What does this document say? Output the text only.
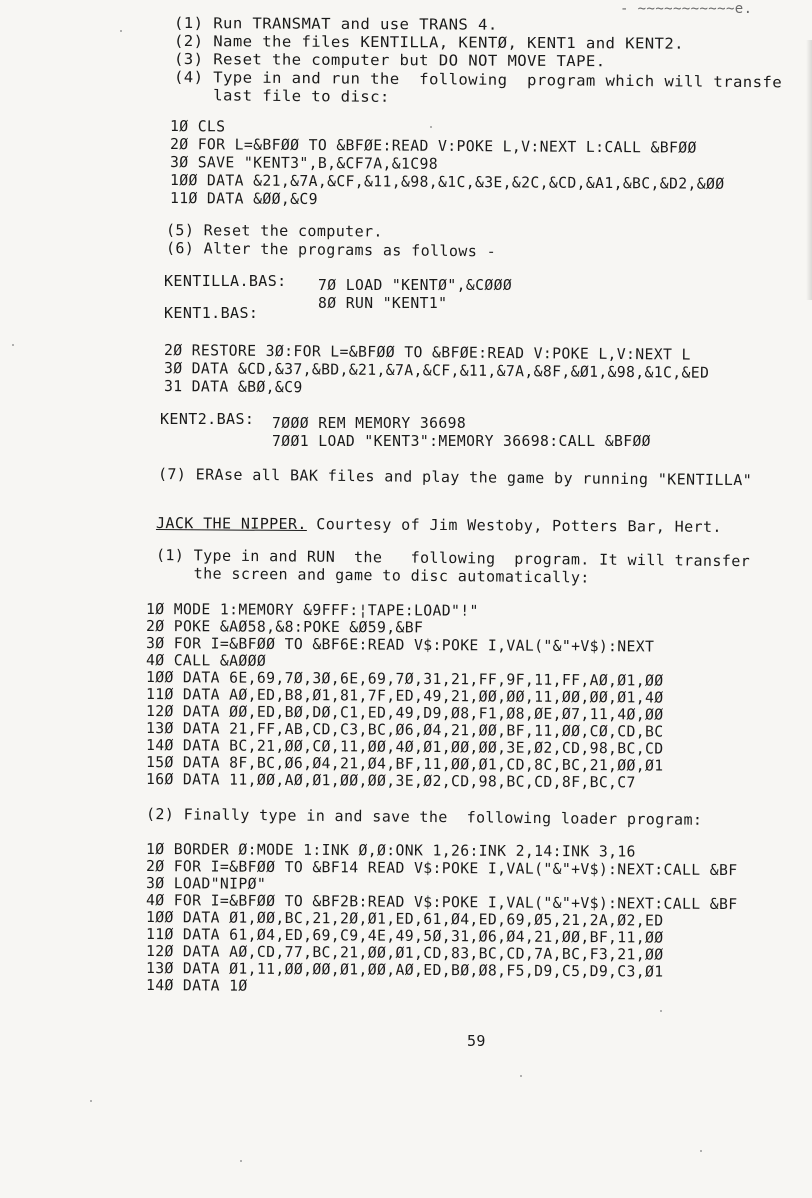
- ~~~~~~~~~~~e.
(1) Run TRANSMAT and use TRANS 4.
(2) Name the files KENTILLA, KENTØ, KENT1 and KENT2.
(3) Reset the computer but DO NOT MOVE TAPE.
(4) Type in and run the  following  program which will transfe
last file to disc:
1Ø CLS
2Ø FOR L=&BFØØ TO &BFØE:READ V:POKE L,V:NEXT L:CALL &BFØØ
3Ø SAVE "KENT3",B,&CF7A,&1C98
1ØØ DATA &21,&7A,&CF,&11,&98,&1C,&3E,&2C,&CD,&A1,&BC,&D2,&ØØ
11Ø DATA &ØØ,&C9
(5) Reset the computer.
(6) Alter the programs as follows -
KENTILLA.BAS: 7Ø LOAD "KENTØ",&CØØØ
8Ø RUN "KENT1"
KENT1.BAS:
2Ø RESTORE 3Ø:FOR L=&BFØØ TO &BFØE:READ V:POKE L,V:NEXT L
3Ø DATA &CD,&37,&BD,&21,&7A,&CF,&11,&7A,&8F,&Ø1,&98,&1C,&ED
31 DATA &BØ,&C9
KENT2.BAS: 7ØØØ REM MEMORY 36698
7ØØ1 LOAD "KENT3":MEMORY 36698:CALL &BFØØ
(7) ERAse all BAK files and play the game by running "KENTILLA"
JACK THE NIPPER. Courtesy of Jim Westoby, Potters Bar, Hert.
(1) Type in and RUN  the   following  program. It will transfer
the screen and game to disc automatically:
1Ø MODE 1:MEMORY &9FFF:¦TAPE:LOAD"!"
2Ø POKE &AØ58,&8:POKE &Ø59,&BF
3Ø FOR I=&BFØØ TO &BF6E:READ V$:POKE I,VAL("&"+V$):NEXT
4Ø CALL &AØØØ
1ØØ DATA 6E,69,7Ø,3Ø,6E,69,7Ø,31,21,FF,9F,11,FF,AØ,Ø1,ØØ
11Ø DATA AØ,ED,B8,Ø1,81,7F,ED,49,21,ØØ,ØØ,11,ØØ,ØØ,Ø1,4Ø
12Ø DATA ØØ,ED,BØ,DØ,C1,ED,49,D9,Ø8,F1,Ø8,ØE,Ø7,11,4Ø,ØØ
13Ø DATA 21,FF,AB,CD,C3,BC,Ø6,Ø4,21,ØØ,BF,11,ØØ,CØ,CD,BC
14Ø DATA BC,21,ØØ,CØ,11,ØØ,4Ø,Ø1,ØØ,ØØ,3E,Ø2,CD,98,BC,CD
15Ø DATA 8F,BC,Ø6,Ø4,21,Ø4,BF,11,ØØ,Ø1,CD,8C,BC,21,ØØ,Ø1
16Ø DATA 11,ØØ,AØ,Ø1,ØØ,ØØ,3E,Ø2,CD,98,BC,CD,8F,BC,C7
(2) Finally type in and save the  following loader program:
1Ø BORDER Ø:MODE 1:INK Ø,Ø:ONK 1,26:INK 2,14:INK 3,16
2Ø FOR I=&BFØØ TO &BF14 READ V$:POKE I,VAL("&"+V$):NEXT:CALL &BF
3Ø LOAD"NIPØ"
4Ø FOR I=&BFØØ TO &BF2B:READ V$:POKE I,VAL("&"+V$):NEXT:CALL &BF
1ØØ DATA Ø1,ØØ,BC,21,2Ø,Ø1,ED,61,Ø4,ED,69,Ø5,21,2A,Ø2,ED
11Ø DATA 61,Ø4,ED,69,C9,4E,49,5Ø,31,Ø6,Ø4,21,ØØ,BF,11,ØØ
12Ø DATA AØ,CD,77,BC,21,ØØ,Ø1,CD,83,BC,CD,7A,BC,F3,21,ØØ
13Ø DATA Ø1,11,ØØ,ØØ,Ø1,ØØ,AØ,ED,BØ,Ø8,F5,D9,C5,D9,C3,Ø1
14Ø DATA 1Ø
59
